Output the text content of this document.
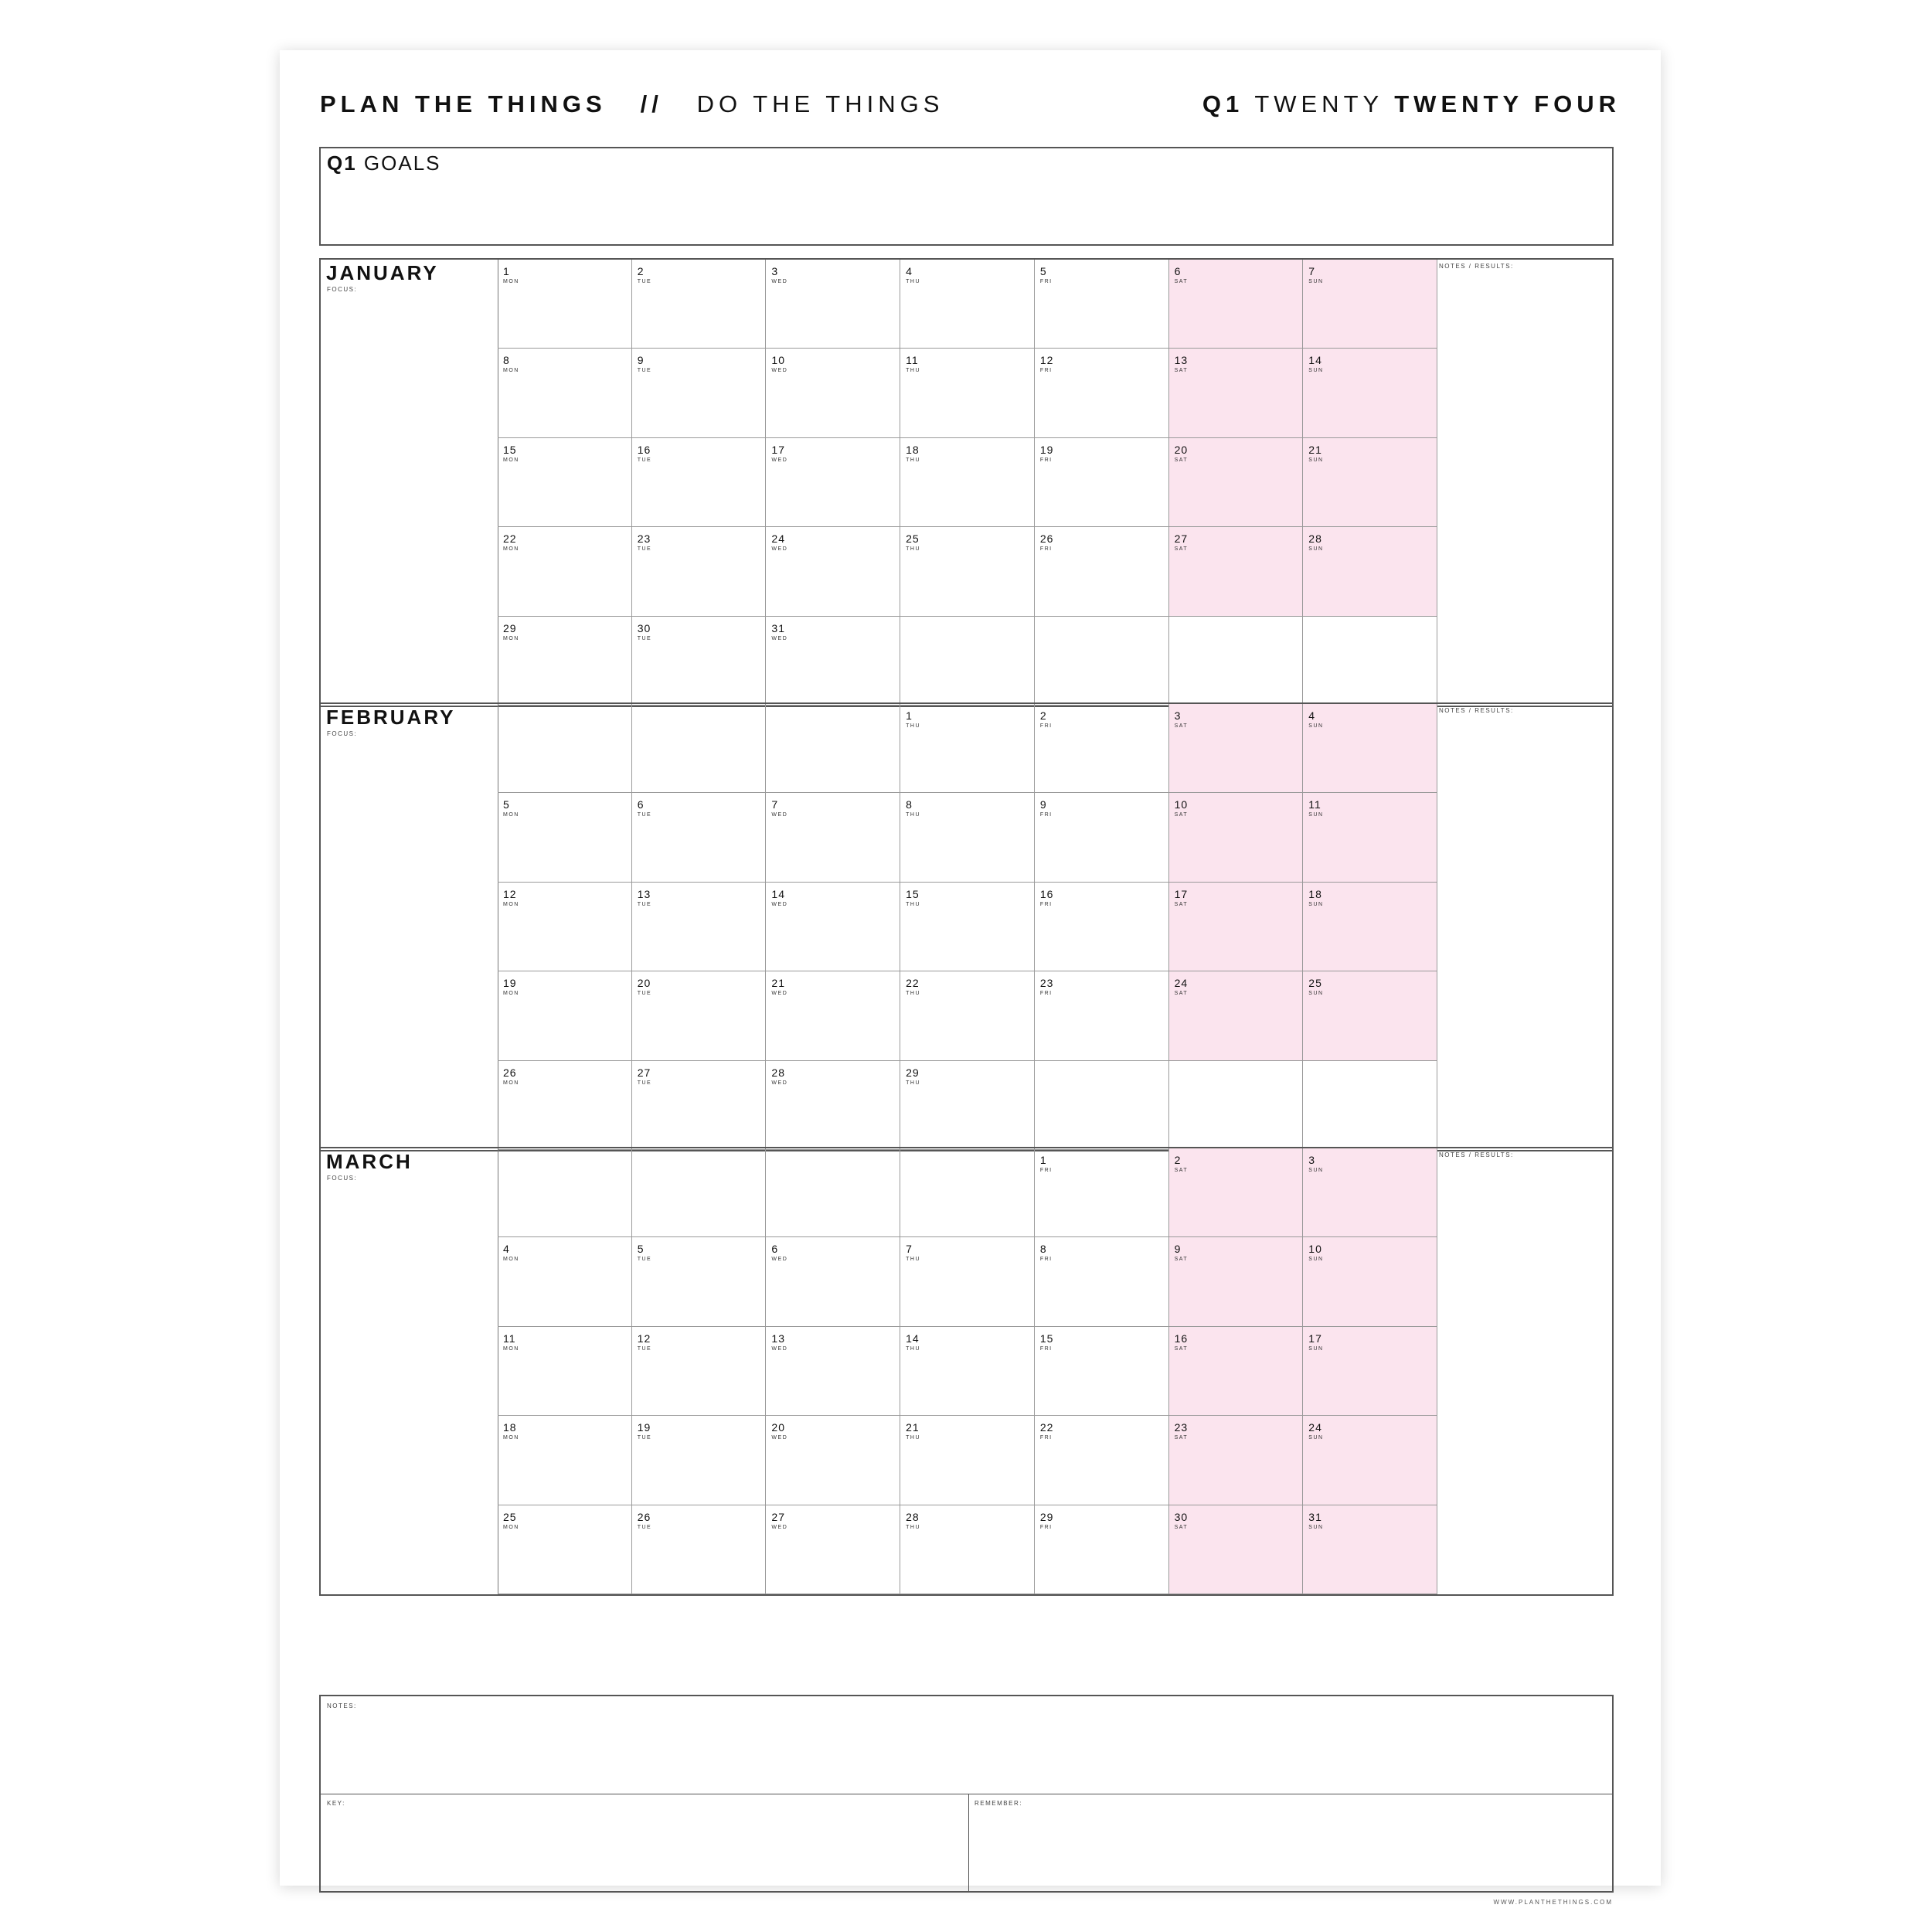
PLAN THE THINGS // DO THE THINGS	Q1 TWENTY TWENTY FOUR
Q1 GOALS
JANUARY
FOCUS:
NOTES / RESULTS:
1
MON
2
TUE
3
WED
4
THU
5
FRI
6
SAT
7
SUN
8
MON
9
TUE
10
WED
11
THU
12
FRI
13
SAT
14
SUN
15
MON
16
TUE
17
WED
18
THU
19
FRI
20
SAT
21
SUN
22
MON
23
TUE
24
WED
25
THU
26
FRI
27
SAT
28
SUN
29
MON
30
TUE
31
WED
FEBRUARY
FOCUS:
NOTES / RESULTS:
1
THU
2
FRI
3
SAT
4
SUN
5
MON
6
TUE
7
WED
8
THU
9
FRI
10
SAT
11
SUN
12
MON
13
TUE
14
WED
15
THU
16
FRI
17
SAT
18
SUN
19
MON
20
TUE
21
WED
22
THU
23
FRI
24
SAT
25
SUN
26
MON
27
TUE
28
WED
29
THU
MARCH
FOCUS:
NOTES / RESULTS:
1
FRI
2
SAT
3
SUN
4
MON
5
TUE
6
WED
7
THU
8
FRI
9
SAT
10
SUN
11
MON
12
TUE
13
WED
14
THU
15
FRI
16
SAT
17
SUN
18
MON
19
TUE
20
WED
21
THU
22
FRI
23
SAT
24
SUN
25
MON
26
TUE
27
WED
28
THU
29
FRI
30
SAT
31
SUN
NOTES:
KEY:	REMEMBER:
WWW.PLANTHETHINGS.COM
